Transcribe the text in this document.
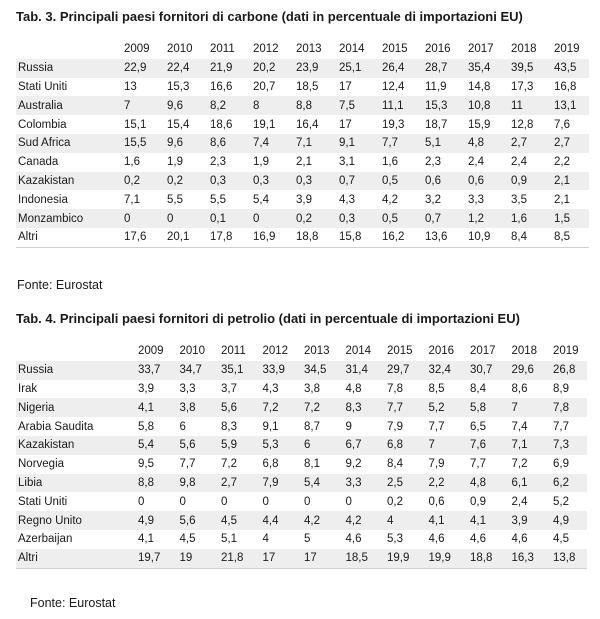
Tab. 3. Principali paesi fornitori di carbone (dati in percentuale di importazioni EU)
	2009	2010	2011	2012	2013	2014	2015	2016	2017	2018	2019	
Russia	22,9	22,4	21,9	20,2	23,9	25,1	26,4	28,7	35,4	39,5	43,5	
Stati Uniti	13	15,3	16,6	20,7	18,5	17	12,4	11,9	14,8	17,3	16,8	
Australia	7	9,6	8,2	8	8,8	7,5	11,1	15,3	10,8	11	13,1	
Colombia	15,1	15,4	18,6	19,1	16,4	17	19,3	18,7	15,9	12,8	7,6	
Sud Africa	15,5	9,6	8,6	7,4	7,1	9,1	7,7	5,1	4,8	2,7	2,7	
Canada	1,6	1,9	2,3	1,9	2,1	3,1	1,6	2,3	2,4	2,4	2,2	
Kazakistan	0,2	0,2	0,3	0,3	0,3	0,7	0,5	0,6	0,6	0,9	2,1	
Indonesia	7,1	5,5	5,5	5,4	3,9	4,3	4,2	3,2	3,3	3,5	2,1	
Monzambico	0	0	0,1	0	0,2	0,3	0,5	0,7	1,2	1,6	1,5	
Altri	17,6	20,1	17,8	16,9	18,8	15,8	16,2	13,6	10,9	8,4	8,5	
Fonte: Eurostat
Tab. 4. Principali paesi fornitori di petrolio (dati in percentuale di importazioni EU)
	2009	2010	2011	2012	2013	2014	2015	2016	2017	2018	2019	
Russia	33,7	34,7	35,1	33,9	34,5	31,4	29,7	32,4	30,7	29,6	26,8	
Irak	3,9	3,3	3,7	4,3	3,8	4,8	7,8	8,5	8,4	8,6	8,9	
Nigeria	4,1	3,8	5,6	7,2	7,2	8,3	7,7	5,2	5,8	7	7,8	
Arabia Saudita	5,8	6	8,3	9,1	8,7	9	7,9	7,7	6,5	7,4	7,7	
Kazakistan	5,4	5,6	5,9	5,3	6	6,7	6,8	7	7,6	7,1	7,3	
Norvegia	9,5	7,7	7,2	6,8	8,1	9,2	8,4	7,9	7,7	7,2	6,9	
Libia	8,8	9,8	2,7	7,9	5,4	3,3	2,5	2,2	4,8	6,1	6,2	
Stati Uniti	0	0	0	0	0	0	0,2	0,6	0,9	2,4	5,2	
Regno Unito	4,9	5,6	4,5	4,4	4,2	4,2	4	4,1	4,1	3,9	4,9	
Azerbaijan	4,1	4,5	5,1	4	5	4,6	5,3	4,6	4,6	4,6	4,5	
Altri	19,7	19	21,8	17	17	18,5	19,9	19,9	18,8	16,3	13,8	
Fonte: Eurostat
